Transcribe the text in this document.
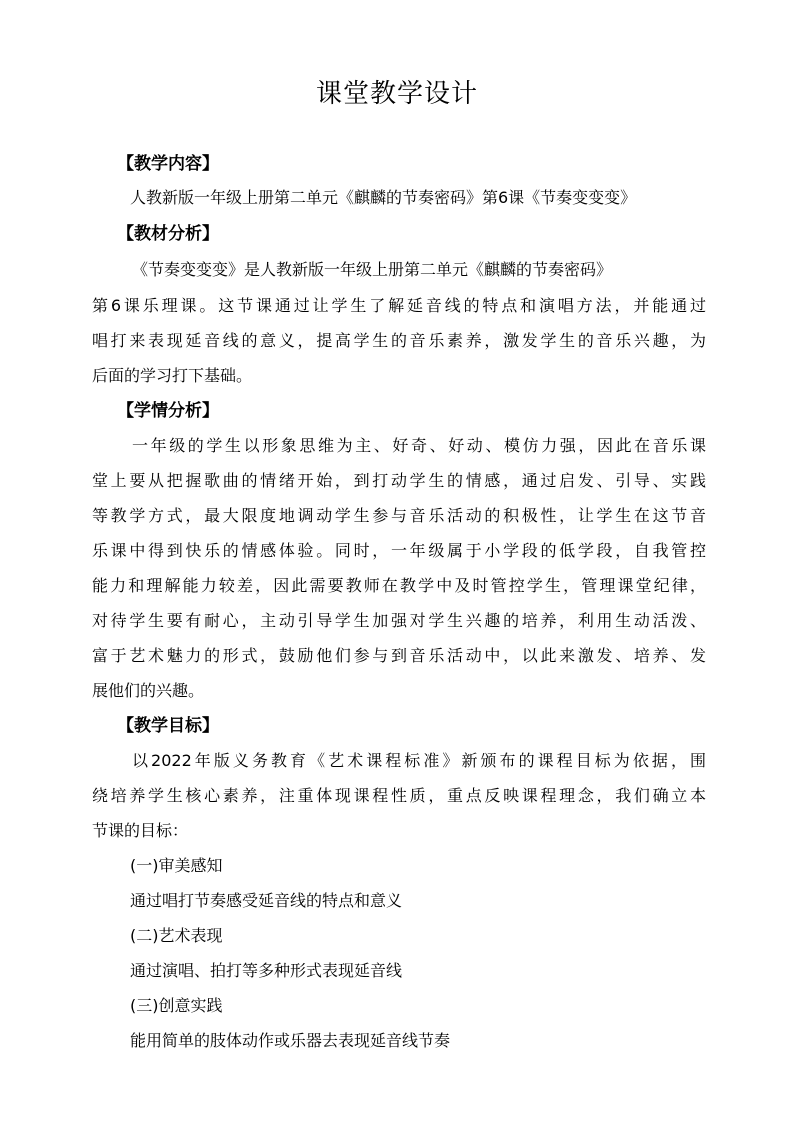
课堂教学设计
【教学内容】
人教新版一年级上册第二单元《麒麟的节奏密码》第6课《节奏变变变》
【教材分析】
《节奏变变变》是人教新版一年级上册第二单元《麒麟的节奏密码》
第6课乐理课。这节课通过让学生了解延音线的特点和演唱方法，并能通过
唱打来表现延音线的意义，提高学生的音乐素养，激发学生的音乐兴趣，为
后面的学习打下基础。
【学情分析】
一年级的学生以形象思维为主、好奇、好动、模仿力强，因此在音乐课
堂上要从把握歌曲的情绪开始，到打动学生的情感，通过启发、引导、实践
等教学方式，最大限度地调动学生参与音乐活动的积极性，让学生在这节音
乐课中得到快乐的情感体验。同时，一年级属于小学段的低学段，自我管控
能力和理解能力较差，因此需要教师在教学中及时管控学生，管理课堂纪律，
对待学生要有耐心，主动引导学生加强对学生兴趣的培养，利用生动活泼、
富于艺术魅力的形式，鼓励他们参与到音乐活动中，以此来激发、培养、发
展他们的兴趣。
【教学目标】
以2022年版义务教育《艺术课程标准》新颁布的课程目标为依据，围
绕培养学生核心素养，注重体现课程性质，重点反映课程理念，我们确立本
节课的目标：
(一)审美感知
通过唱打节奏感受延音线的特点和意义
(二)艺术表现
通过演唱、拍打等多种形式表现延音线
(三)创意实践
能用简单的肢体动作或乐器去表现延音线节奏
